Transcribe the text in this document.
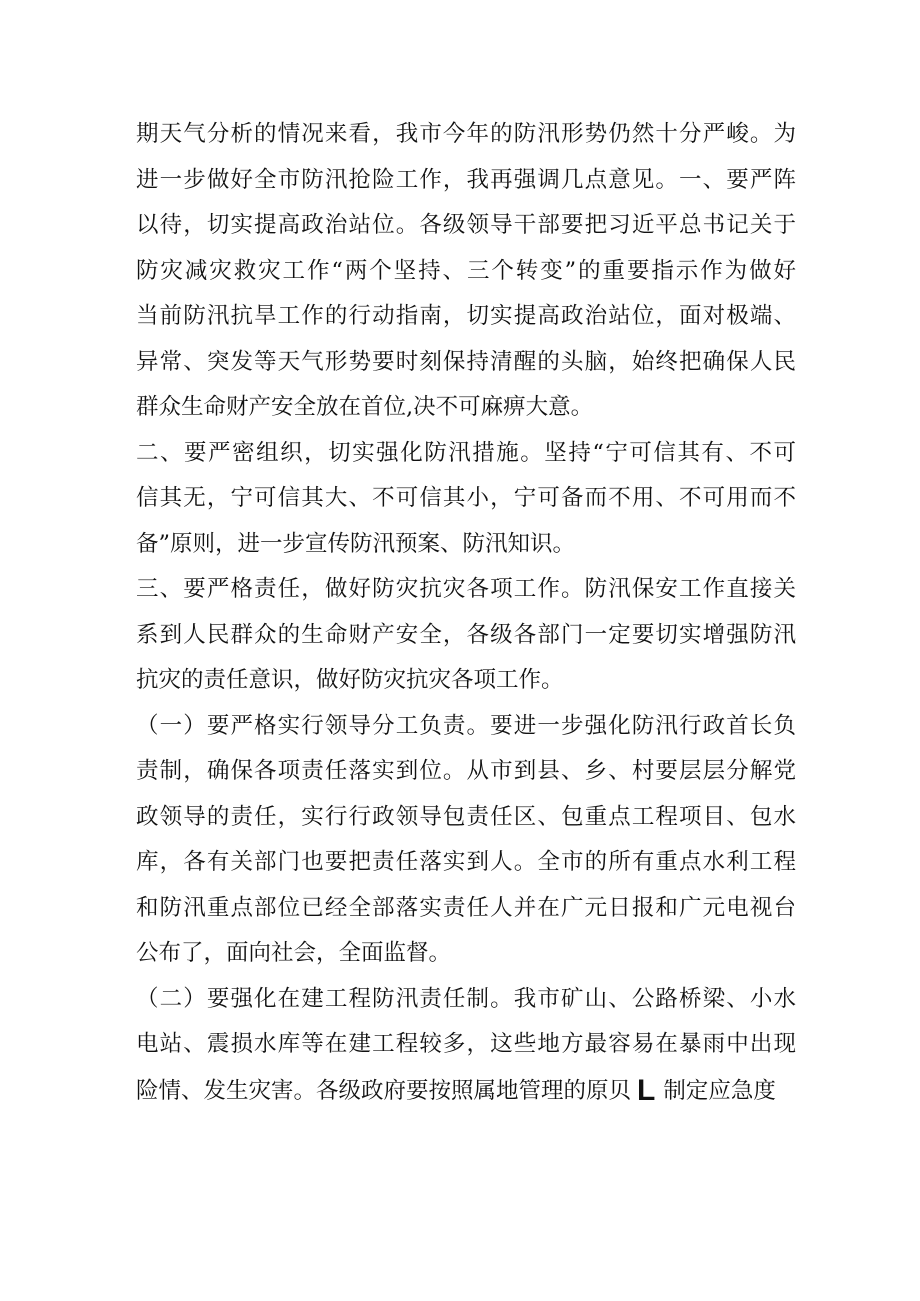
期天气分析的情况来看，我市今年的防汛形势仍然十分严峻。为
进一步做好全市防汛抢险工作，我再强调几点意见。一、要严阵
以待，切实提高政治站位。各级领导干部要把习近平总书记关于
防灾减灾救灾工作“两个坚持、三个转变”的重要指示作为做好
当前防汛抗旱工作的行动指南，切实提高政治站位，面对极端、
异常、突发等天气形势要时刻保持清醒的头脑，始终把确保人民
群众生命财产安全放在首位,决不可麻痹大意。
二、要严密组织，切实强化防汛措施。坚持“宁可信其有、不可
信其无，宁可信其大、不可信其小，宁可备而不用、不可用而不
备”原则，进一步宣传防汛预案、防汛知识。
三、要严格责任，做好防灾抗灾各项工作。防汛保安工作直接关
系到人民群众的生命财产安全，各级各部门一定要切实增强防汛
抗灾的责任意识，做好防灾抗灾各项工作。
（一）要严格实行领导分工负责。要进一步强化防汛行政首长负
责制，确保各项责任落实到位。从市到县、乡、村要层层分解党
政领导的责任，实行行政领导包责任区、包重点工程项目、包水
库，各有关部门也要把责任落实到人。全市的所有重点水利工程
和防汛重点部位已经全部落实责任人并在广元日报和广元电视台
公布了，面向社会，全面监督。
（二）要强化在建工程防汛责任制。我市矿山、公路桥梁、小水
电站、震损水库等在建工程较多，这些地方最容易在暴雨中出现
险情、发生灾害。各级政府要按照属地管理的原贝 L 制定应急度
